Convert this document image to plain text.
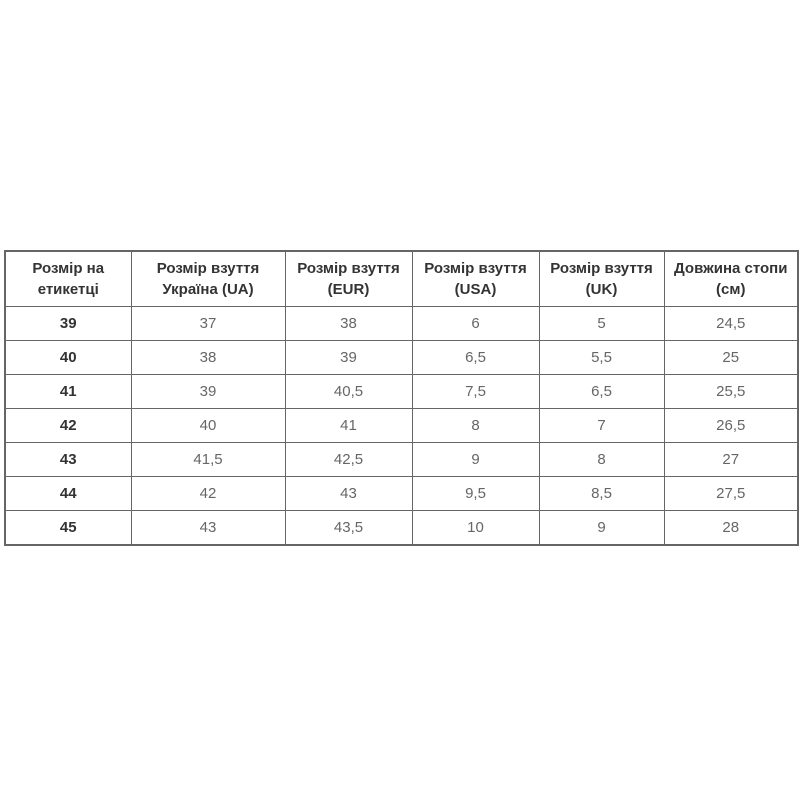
Розмір на етикетці	Розмір взуття Україна (UA)	Розмір взуття (EUR)	Розмір взуття (USA)	Розмір взуття (UK)	Довжина стопи (см)
39	37	38	6	5	24,5
40	38	39	6,5	5,5	25
41	39	40,5	7,5	6,5	25,5
42	40	41	8	7	26,5
43	41,5	42,5	9	8	27
44	42	43	9,5	8,5	27,5
45	43	43,5	10	9	28
